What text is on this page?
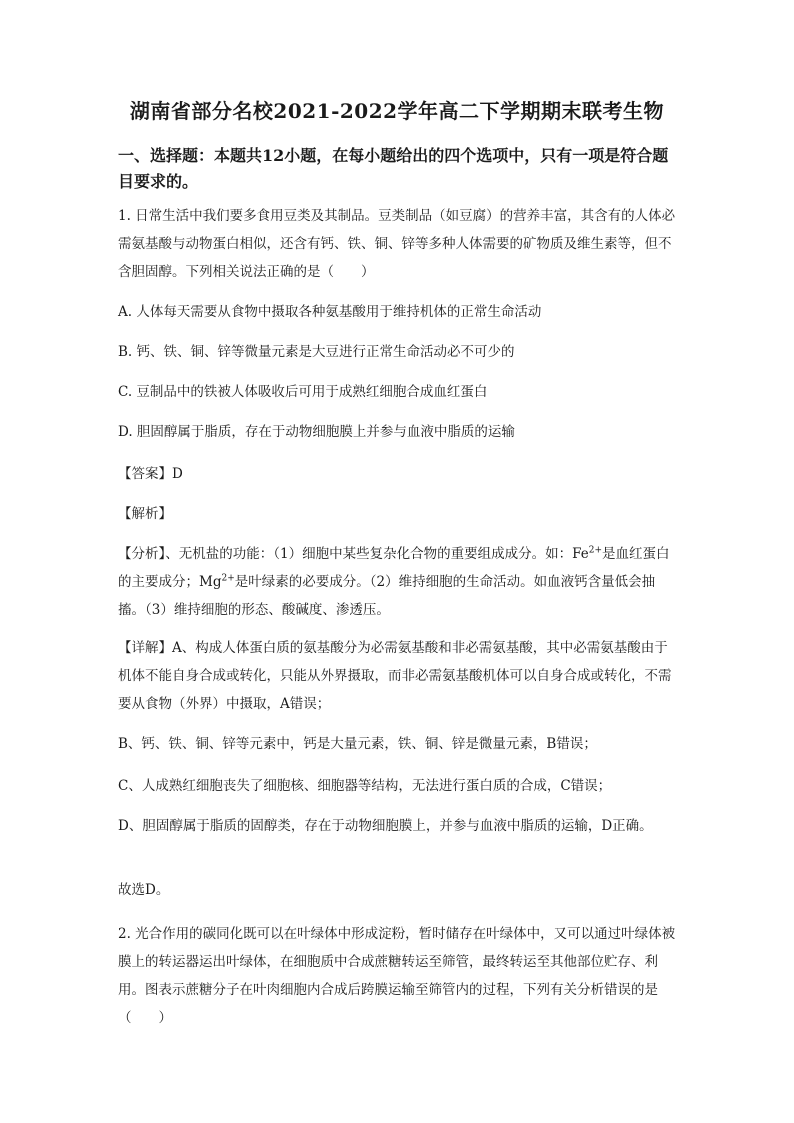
湖南省部分名校2021-2022学年高二下学期期末联考生物
一、选择题：本题共12小题，在每小题给出的四个选项中，只有一项是符合题目要求的。
1. 日常生活中我们要多食用豆类及其制品。豆类制品（如豆腐）的营养丰富，其含有的人体必需氨基酸与动物蛋白相似，还含有钙、铁、铜、锌等多种人体需要的矿物质及维生素等，但不含胆固醇。下列相关说法正确的是（　　）
A. 人体每天需要从食物中摄取各种氨基酸用于维持机体的正常生命活动
B. 钙、铁、铜、锌等微量元素是大豆进行正常生命活动必不可少的
C. 豆制品中的铁被人体吸收后可用于成熟红细胞合成血红蛋白
D. 胆固醇属于脂质，存在于动物细胞膜上并参与血液中脂质的运输
【答案】D
【解析】
【分析】、无机盐的功能：（1）细胞中某些复杂化合物的重要组成成分。如：$Fe^{2+}$是血红蛋白的主要成分；$Mg^{2+}$是叶绿素的必要成分。（2）维持细胞的生命活动。如血液钙含量低会抽搐。（3）维持细胞的形态、酸碱度、渗透压。
【详解】A、构成人体蛋白质的氨基酸分为必需氨基酸和非必需氨基酸，其中必需氨基酸由于机体不能自身合成或转化，只能从外界摄取，而非必需氨基酸机体可以自身合成或转化，不需要从食物（外界）中摄取，A错误；
B、钙、铁、铜、锌等元素中，钙是大量元素，铁、铜、锌是微量元素，B错误；
C、人成熟红细胞丧失了细胞核、细胞器等结构，无法进行蛋白质的合成，C错误；
D、胆固醇属于脂质的固醇类，存在于动物细胞膜上，并参与血液中脂质的运输，D正确。
故选D。
2. 光合作用的碳同化既可以在叶绿体中形成淀粉，暂时储存在叶绿体中，又可以通过叶绿体被膜上的转运器运出叶绿体，在细胞质中合成蔗糖转运至筛管，最终转运至其他部位贮存、利用。图表示蔗糖分子在叶肉细胞内合成后跨膜运输至筛管内的过程，下列有关分析错误的是（　　）
